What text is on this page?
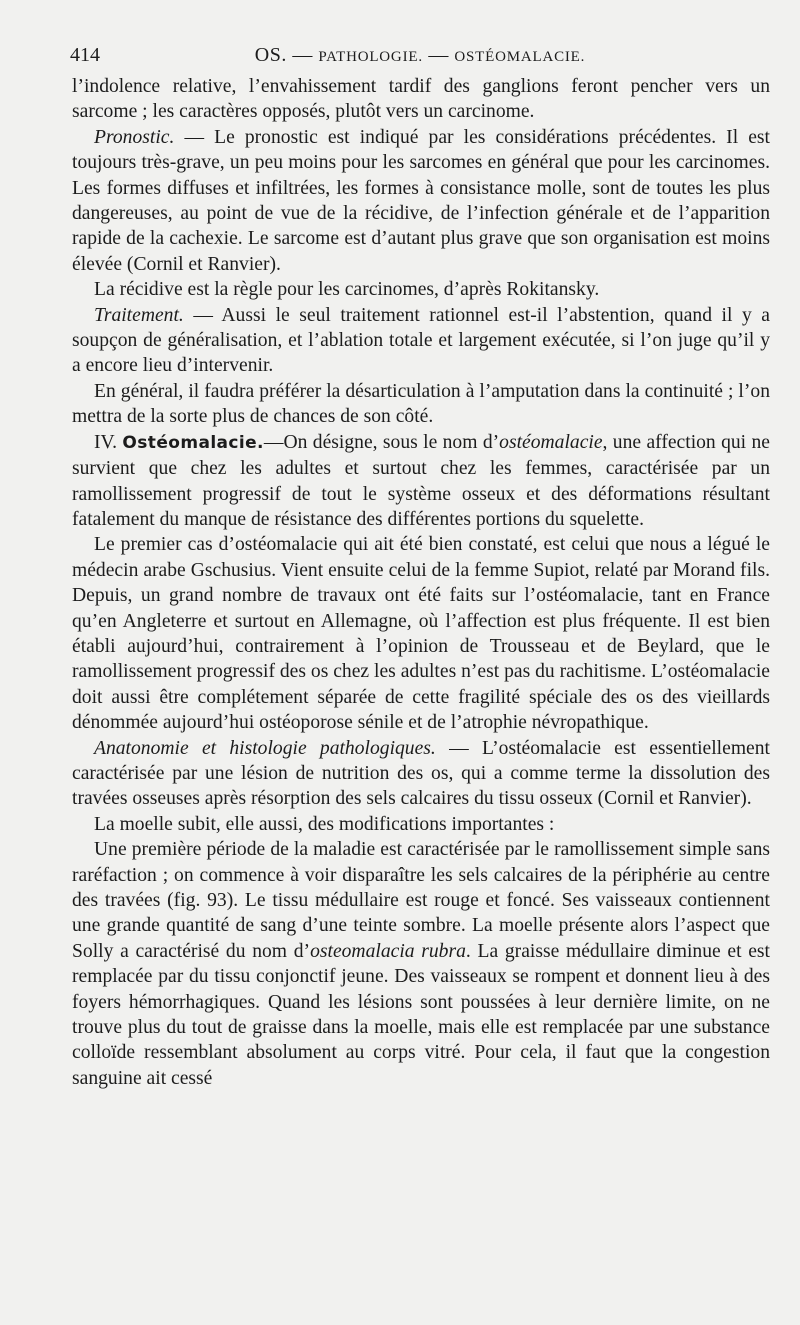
414	OS. — PATHOLOGIE. — OSTÉOMALACIE.

l’indolence relative, l’envahissement tardif des ganglions feront pencher vers un sarcome ; les caractères opposés, plutôt vers un carcinome.

Pronostic. — Le pronostic est indiqué par les considérations précédentes. Il est toujours très-grave, un peu moins pour les sarcomes en général que pour les carcinomes. Les formes diffuses et infiltrées, les formes à consistance molle, sont de toutes les plus dangereuses, au point de vue de la récidive, de l’infection générale et de l’apparition rapide de la cachexie. Le sarcome est d’autant plus grave que son organisation est moins élevée (Cornil et Ranvier).

La récidive est la règle pour les carcinomes, d’après Rokitansky.

Traitement. — Aussi le seul traitement rationnel est-il l’abstention, quand il y a soupçon de généralisation, et l’ablation totale et largement exécutée, si l’on juge qu’il y a encore lieu d’intervenir.

En général, il faudra préférer la désarticulation à l’amputation dans la continuité ; l’on mettra de la sorte plus de chances de son côté.

IV. Ostéomalacie.—On désigne, sous le nom d’ostéomalacie, une affection qui ne survient que chez les adultes et surtout chez les femmes, caractérisée par un ramollissement progressif de tout le système osseux et des déformations résultant fatalement du manque de résistance des différentes portions du squelette.

Le premier cas d’ostéomalacie qui ait été bien constaté, est celui que nous a légué le médecin arabe Gschusius. Vient ensuite celui de la femme Supiot, relaté par Morand fils. Depuis, un grand nombre de travaux ont été faits sur l’ostéomalacie, tant en France qu’en Angleterre et surtout en Allemagne, où l’affection est plus fréquente. Il est bien établi aujourd’hui, contrairement à l’opinion de Trousseau et de Beylard, que le ramollissement progressif des os chez les adultes n’est pas du rachitisme. L’ostéomalacie doit aussi être complétement séparée de cette fragilité spéciale des os des vieillards dénommée aujourd’hui ostéoporose sénile et de l’atrophie névropathique.

Anatonomie et histologie pathologiques. — L’ostéomalacie est essentiellement caractérisée par une lésion de nutrition des os, qui a comme terme la dissolution des travées osseuses après résorption des sels calcaires du tissu osseux (Cornil et Ranvier).

La moelle subit, elle aussi, des modifications importantes :

Une première période de la maladie est caractérisée par le ramollissement simple sans raréfaction ; on commence à voir disparaître les sels calcaires de la périphérie au centre des travées (fig. 93). Le tissu médullaire est rouge et foncé. Ses vaisseaux contiennent une grande quantité de sang d’une teinte sombre. La moelle présente alors l’aspect que Solly a caractérisé du nom d’osteomalacia rubra. La graisse médullaire diminue et est remplacée par du tissu conjonctif jeune. Des vaisseaux se rompent et donnent lieu à des foyers hémorrhagiques. Quand les lésions sont poussées à leur dernière limite, on ne trouve plus du tout de graisse dans la moelle, mais elle est remplacée par une substance colloïde ressemblant absolument au corps vitré. Pour cela, il faut que la congestion sanguine ait cessé
